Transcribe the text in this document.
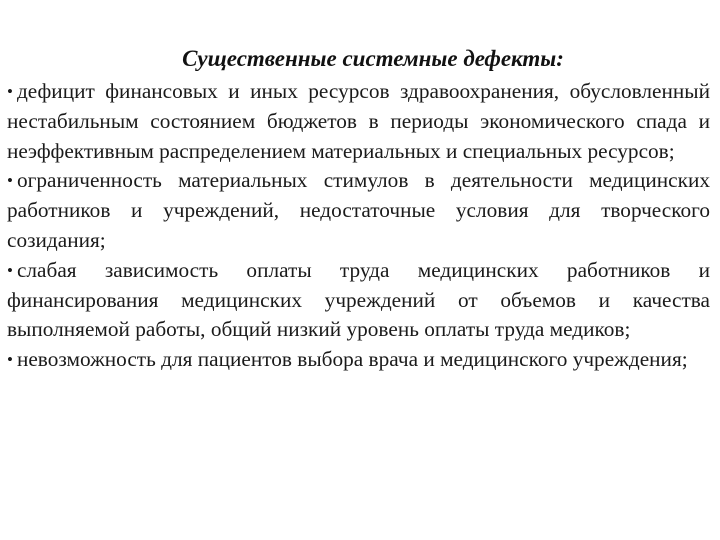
Существенные системные дефекты:

• дефицит финансовых и иных ресурсов здравоохранения, обусловленный нестабильным состоянием бюджетов в периоды экономического спада и неэффективным распределением материальных и специальных ресурсов;

• ограниченность материальных стимулов в деятельности медицинских работников и учреждений, недостаточные условия для творческого созидания;

• слабая зависимость оплаты труда медицинских работников и финансирования медицинских учреждений от объемов и качества выполняемой работы, общий низкий уровень оплаты труда медиков;

• невозможность для пациентов выбора врача и медицинского учреждения;
